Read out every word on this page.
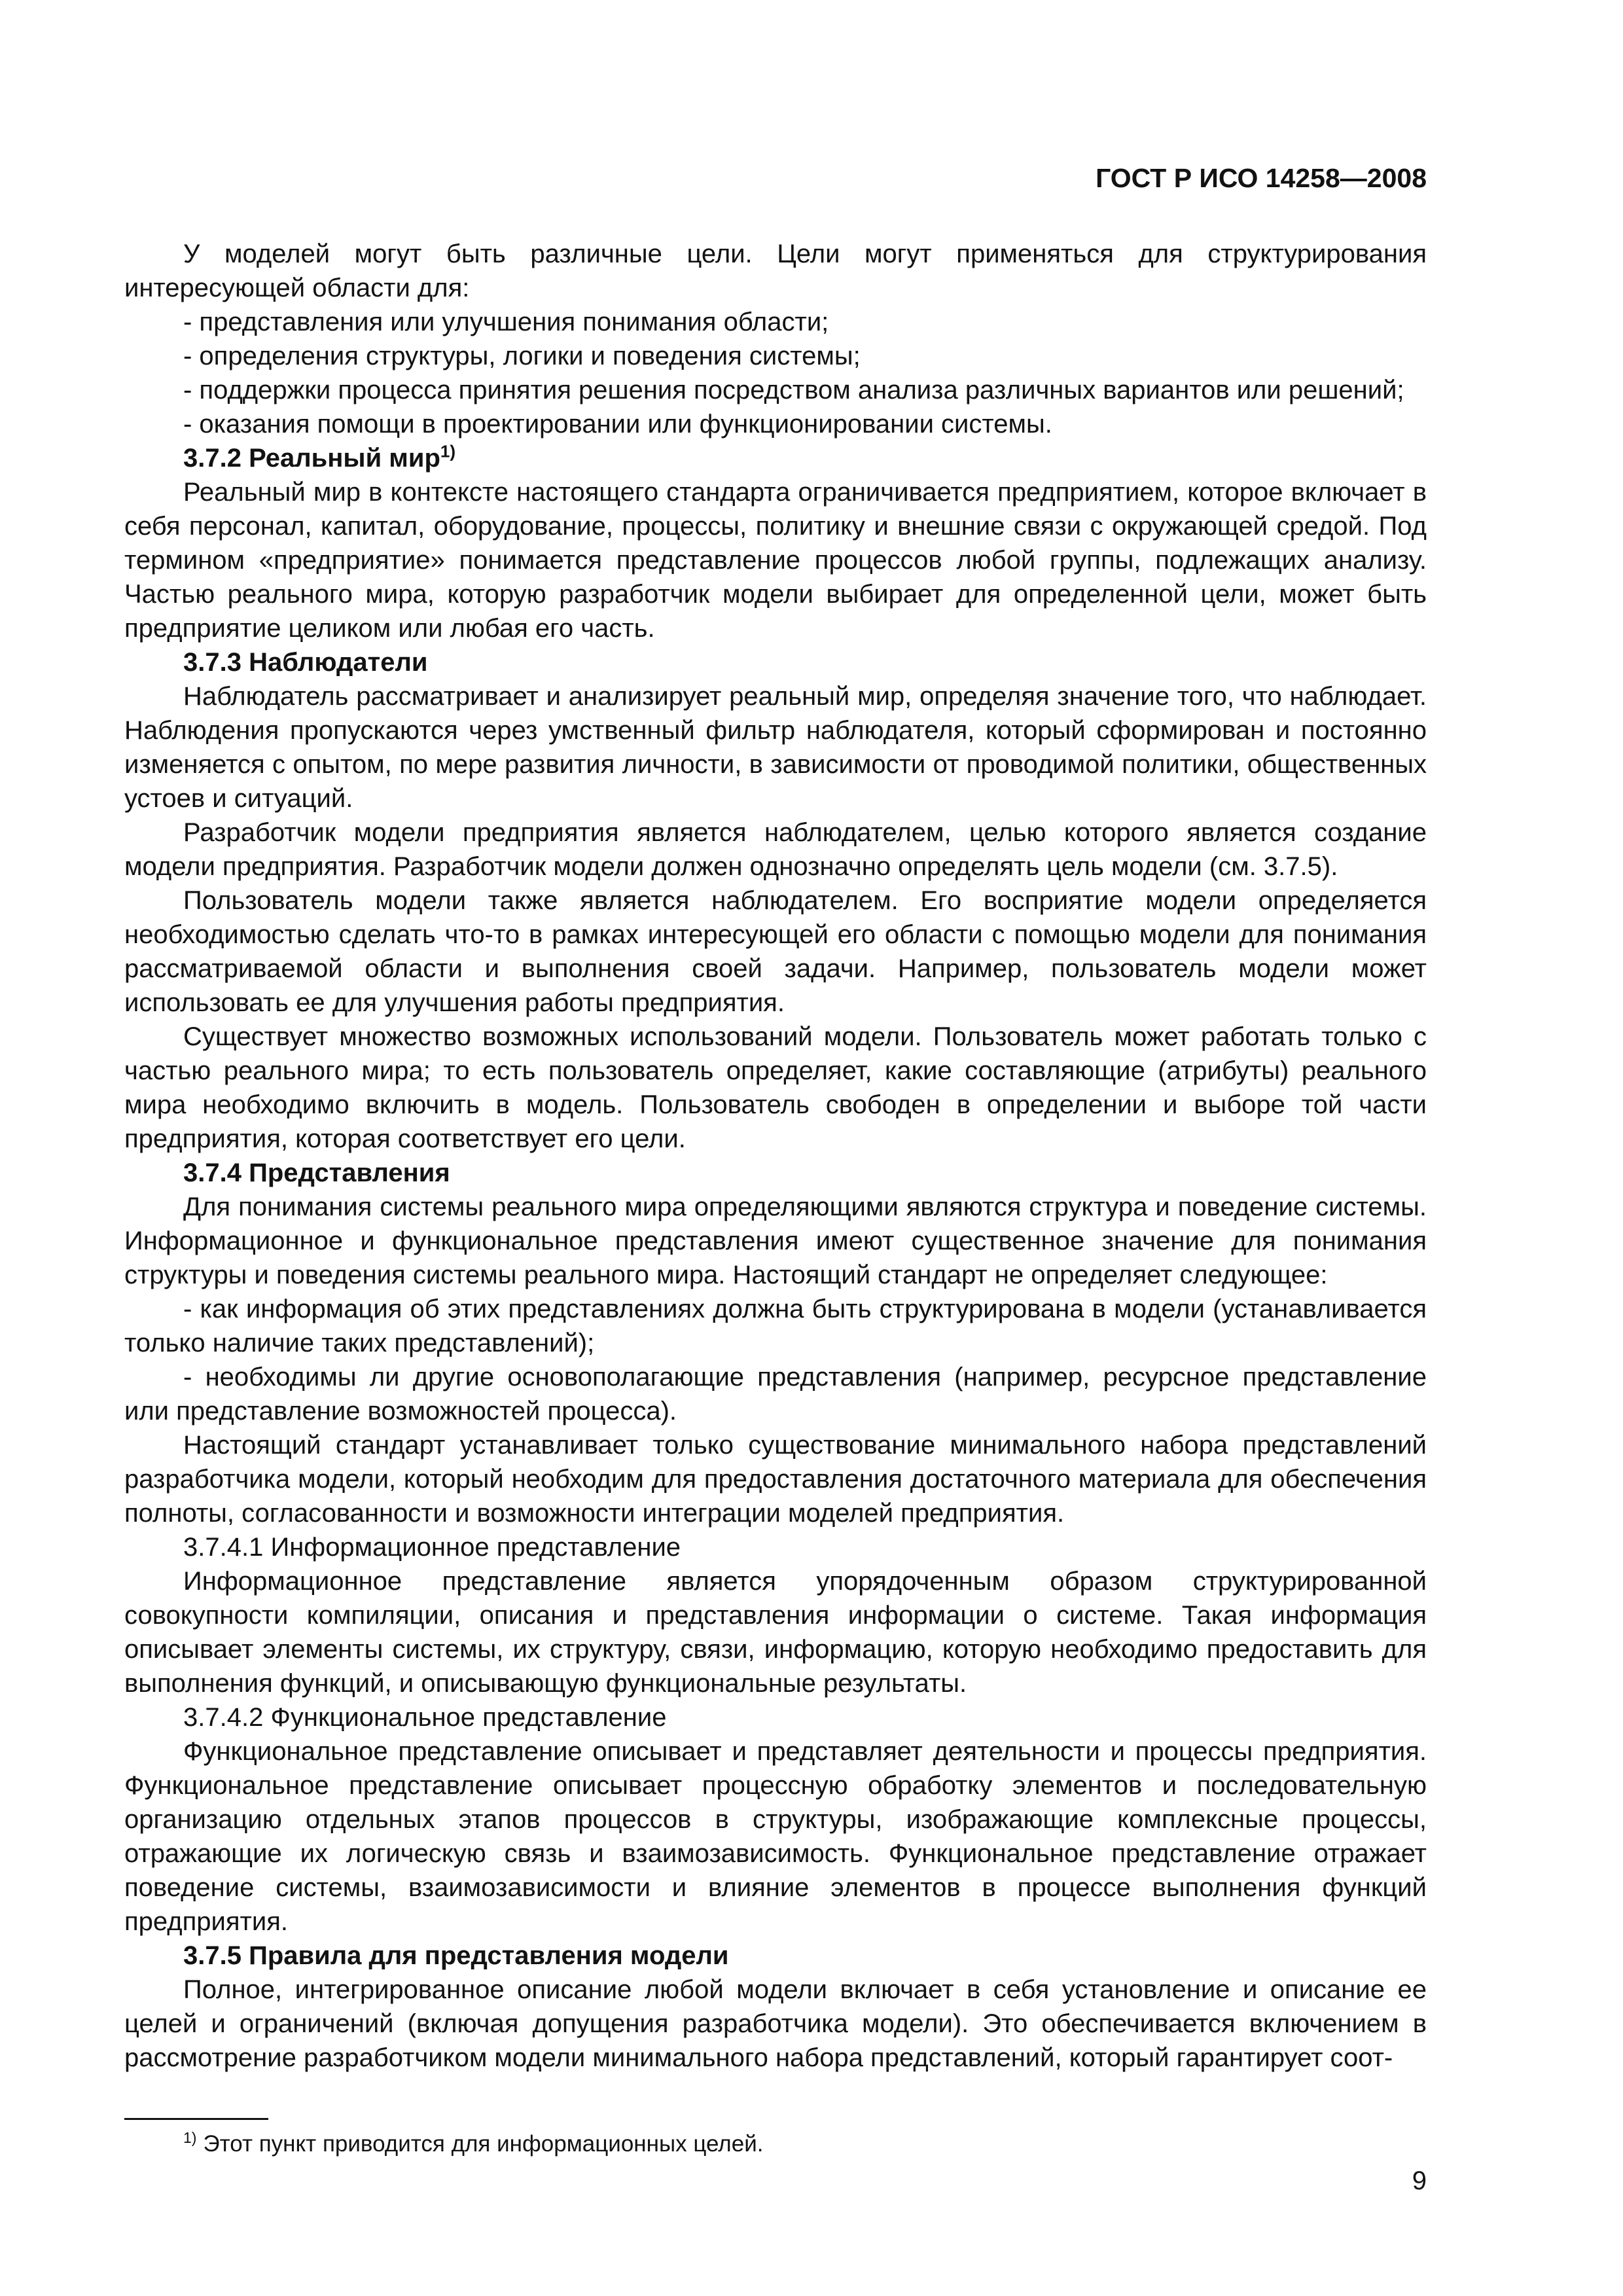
ГОСТ Р ИСО 14258—2008

У моделей могут быть различные цели. Цели могут применяться для структурирования интересующей области для:

- представления или улучшения понимания области;

- определения структуры, логики и поведения системы;

- поддержки процесса принятия решения посредством анализа различных вариантов или решений;

- оказания помощи в проектировании или функционировании системы.

3.7.2 Реальный мир$^{1)}$

Реальный мир в контексте настоящего стандарта ограничивается предприятием, которое включает в себя персонал, капитал, оборудование, процессы, политику и внешние связи с окружающей средой. Под термином «предприятие» понимается представление процессов любой группы, подлежащих анализу. Частью реального мира, которую разработчик модели выбирает для определенной цели, может быть предприятие целиком или любая его часть.

3.7.3 Наблюдатели

Наблюдатель рассматривает и анализирует реальный мир, определяя значение того, что наблюдает. Наблюдения пропускаются через умственный фильтр наблюдателя, который сформирован и постоянно изменяется с опытом, по мере развития личности, в зависимости от проводимой политики, общественных устоев и ситуаций.

Разработчик модели предприятия является наблюдателем, целью которого является создание модели предприятия. Разработчик модели должен однозначно определять цель модели (см. 3.7.5).

Пользователь модели также является наблюдателем. Его восприятие модели определяется необходимостью сделать что-то в рамках интересующей его области с помощью модели для понимания рассматриваемой области и выполнения своей задачи. Например, пользователь модели может использовать ее для улучшения работы предприятия.

Существует множество возможных использований модели. Пользователь может работать только с частью реального мира; то есть пользователь определяет, какие составляющие (атрибуты) реального мира необходимо включить в модель. Пользователь свободен в определении и выборе той части предприятия, которая соответствует его цели.

3.7.4 Представления

Для понимания системы реального мира определяющими являются структура и поведение системы. Информационное и функциональное представления имеют существенное значение для понимания структуры и поведения системы реального мира. Настоящий стандарт не определяет следующее:

- как информация об этих представлениях должна быть структурирована в модели (устанавливается только наличие таких представлений);

- необходимы ли другие основополагающие представления (например, ресурсное представление или представление возможностей процесса).

Настоящий стандарт устанавливает только существование минимального набора представлений разработчика модели, который необходим для предоставления достаточного материала для обеспечения полноты, согласованности и возможности интеграции моделей предприятия.

3.7.4.1 Информационное представление

Информационное представление является упорядоченным образом структурированной совокупности компиляции, описания и представления информации о системе. Такая информация описывает элементы системы, их структуру, связи, информацию, которую необходимо предоставить для выполнения функций, и описывающую функциональные результаты.

3.7.4.2 Функциональное представление

Функциональное представление описывает и представляет деятельности и процессы предприятия. Функциональное представление описывает процессную обработку элементов и последовательную организацию отдельных этапов процессов в структуры, изображающие комплексные процессы, отражающие их логическую связь и взаимозависимость. Функциональное представление отражает поведение системы, взаимозависимости и влияние элементов в процессе выполнения функций предприятия.

3.7.5 Правила для представления модели

Полное, интегрированное описание любой модели включает в себя установление и описание ее целей и ограничений (включая допущения разработчика модели). Это обеспечивается включением в рассмотрение разработчиком модели минимального набора представлений, который гарантирует соот-

$^{1)}$ Этот пункт приводится для информационных целей.

9
